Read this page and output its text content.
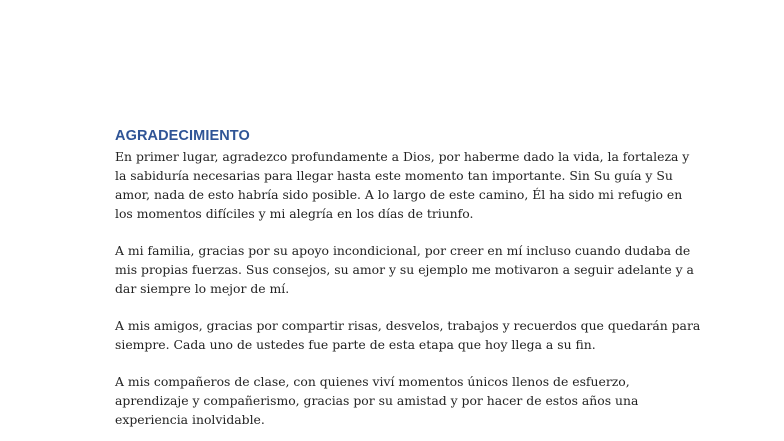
AGRADECIMIENTO

En primer lugar, agradezco profundamente a Dios, por haberme dado la vida, la fortaleza y
la sabiduría necesarias para llegar hasta este momento tan importante. Sin Su guía y Su
amor, nada de esto habría sido posible. A lo largo de este camino, Él ha sido mi refugio en
los momentos difíciles y mi alegría en los días de triunfo.

A mi familia, gracias por su apoyo incondicional, por creer en mí incluso cuando dudaba de
mis propias fuerzas. Sus consejos, su amor y su ejemplo me motivaron a seguir adelante y a
dar siempre lo mejor de mí.

A mis amigos, gracias por compartir risas, desvelos, trabajos y recuerdos que quedarán para
siempre. Cada uno de ustedes fue parte de esta etapa que hoy llega a su fin.

A mis compañeros de clase, con quienes viví momentos únicos llenos de esfuerzo,
aprendizaje y compañerismo, gracias por su amistad y por hacer de estos años una
experiencia inolvidable.
